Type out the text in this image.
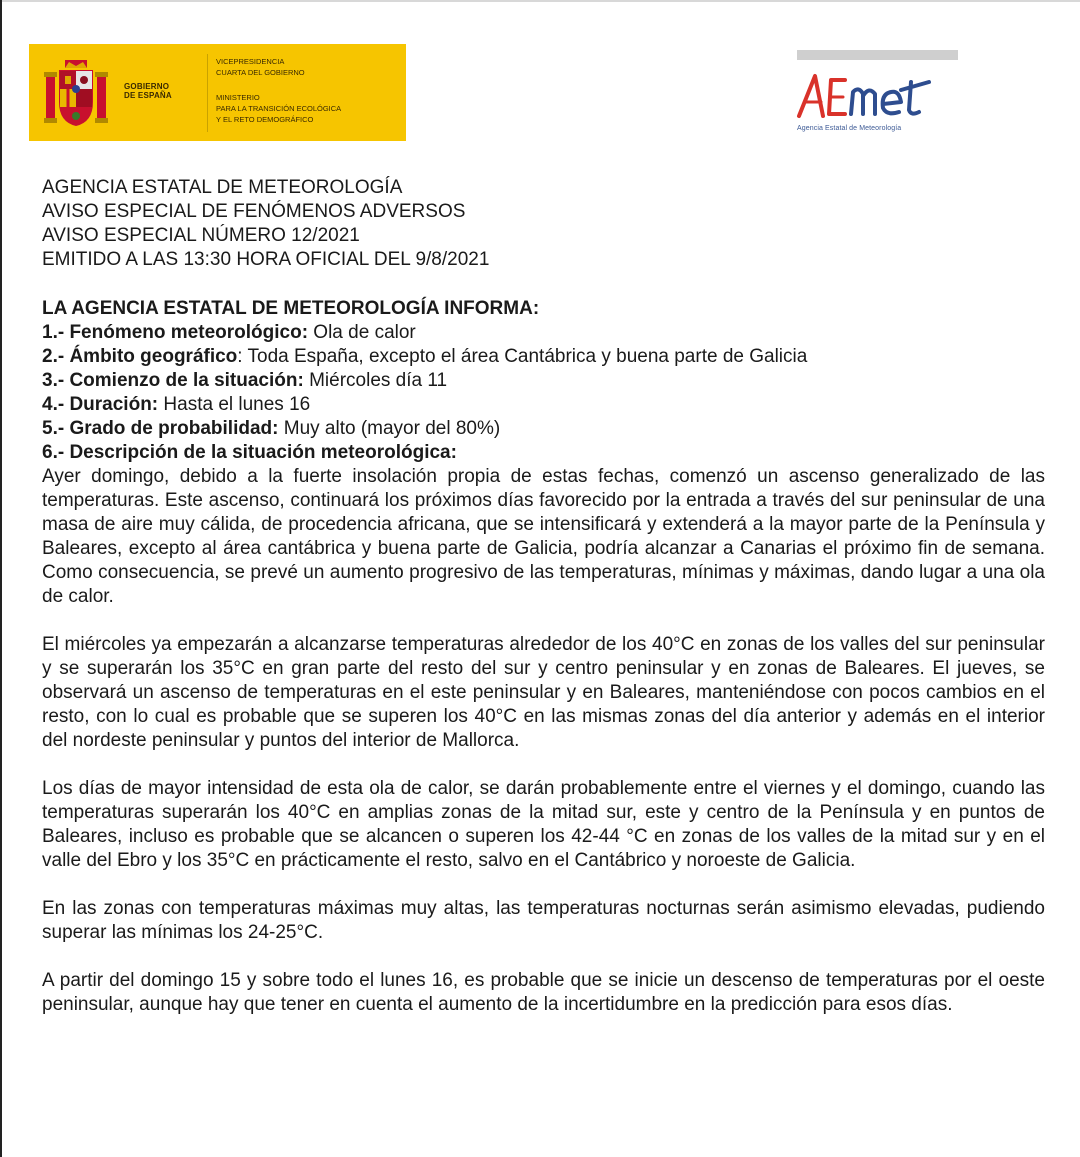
GOBIERNO
DE ESPAÑA
VICEPRESIDENCIA
CUARTA DEL GOBIERNO
MINISTERIO
PARA LA TRANSICIÓN ECOLÓGICA
Y EL RETO DEMOGRÁFICO
Agencia Estatal de Meteorología
AGENCIA ESTATAL DE METEOROLOGÍA
AVISO ESPECIAL DE FENÓMENOS ADVERSOS
AVISO ESPECIAL NÚMERO 12/2021
EMITIDO A LAS 13:30 HORA OFICIAL DEL 9/8/2021
LA AGENCIA ESTATAL DE METEOROLOGÍA INFORMA:
1.- Fenómeno meteorológico: Ola de calor
2.- Ámbito geográfico: Toda España, excepto el área Cantábrica y buena parte de Galicia
3.- Comienzo de la situación: Miércoles día 11
4.- Duración: Hasta el lunes 16
5.- Grado de probabilidad: Muy alto (mayor del 80%)
6.- Descripción de la situación meteorológica:
Ayer domingo, debido a la fuerte insolación propia de estas fechas, comenzó un ascenso generalizado de las temperaturas. Este ascenso, continuará los próximos días favorecido por la entrada a través del sur peninsular de una masa de aire muy cálida, de procedencia africana, que se intensificará y extenderá a la mayor parte de la Península y Baleares, excepto al área cantábrica y buena parte de Galicia, podría alcanzar a Canarias el próximo fin de semana. Como consecuencia, se prevé un aumento progresivo de las temperaturas, mínimas y máximas, dando lugar a una ola de calor.
El miércoles ya empezarán a alcanzarse temperaturas alrededor de los 40°C en zonas de los valles del sur peninsular y se superarán los 35°C en gran parte del resto del sur y centro peninsular y en zonas de Baleares. El jueves, se observará un ascenso de temperaturas en el este peninsular y en Baleares, manteniéndose con pocos cambios en el resto, con lo cual es probable que se superen los 40°C en las mismas zonas del día anterior y además en el interior del nordeste peninsular y puntos del interior de Mallorca.
Los días de mayor intensidad de esta ola de calor, se darán probablemente entre el viernes y el domingo, cuando las temperaturas superarán los 40°C en amplias zonas de la mitad sur, este y centro de la Península y en puntos de Baleares, incluso es probable que se alcancen o superen los 42-44 °C en zonas de los valles de la mitad sur y en el valle del Ebro y los 35°C en prácticamente el resto, salvo en el Cantábrico y noroeste de Galicia.
En las zonas con temperaturas máximas muy altas, las temperaturas nocturnas serán asimismo elevadas, pudiendo superar las mínimas los 24-25°C.
A partir del domingo 15 y sobre todo el lunes 16, es probable que se inicie un descenso de temperaturas por el oeste peninsular, aunque hay que tener en cuenta el aumento de la incertidumbre en la predicción para esos días.
